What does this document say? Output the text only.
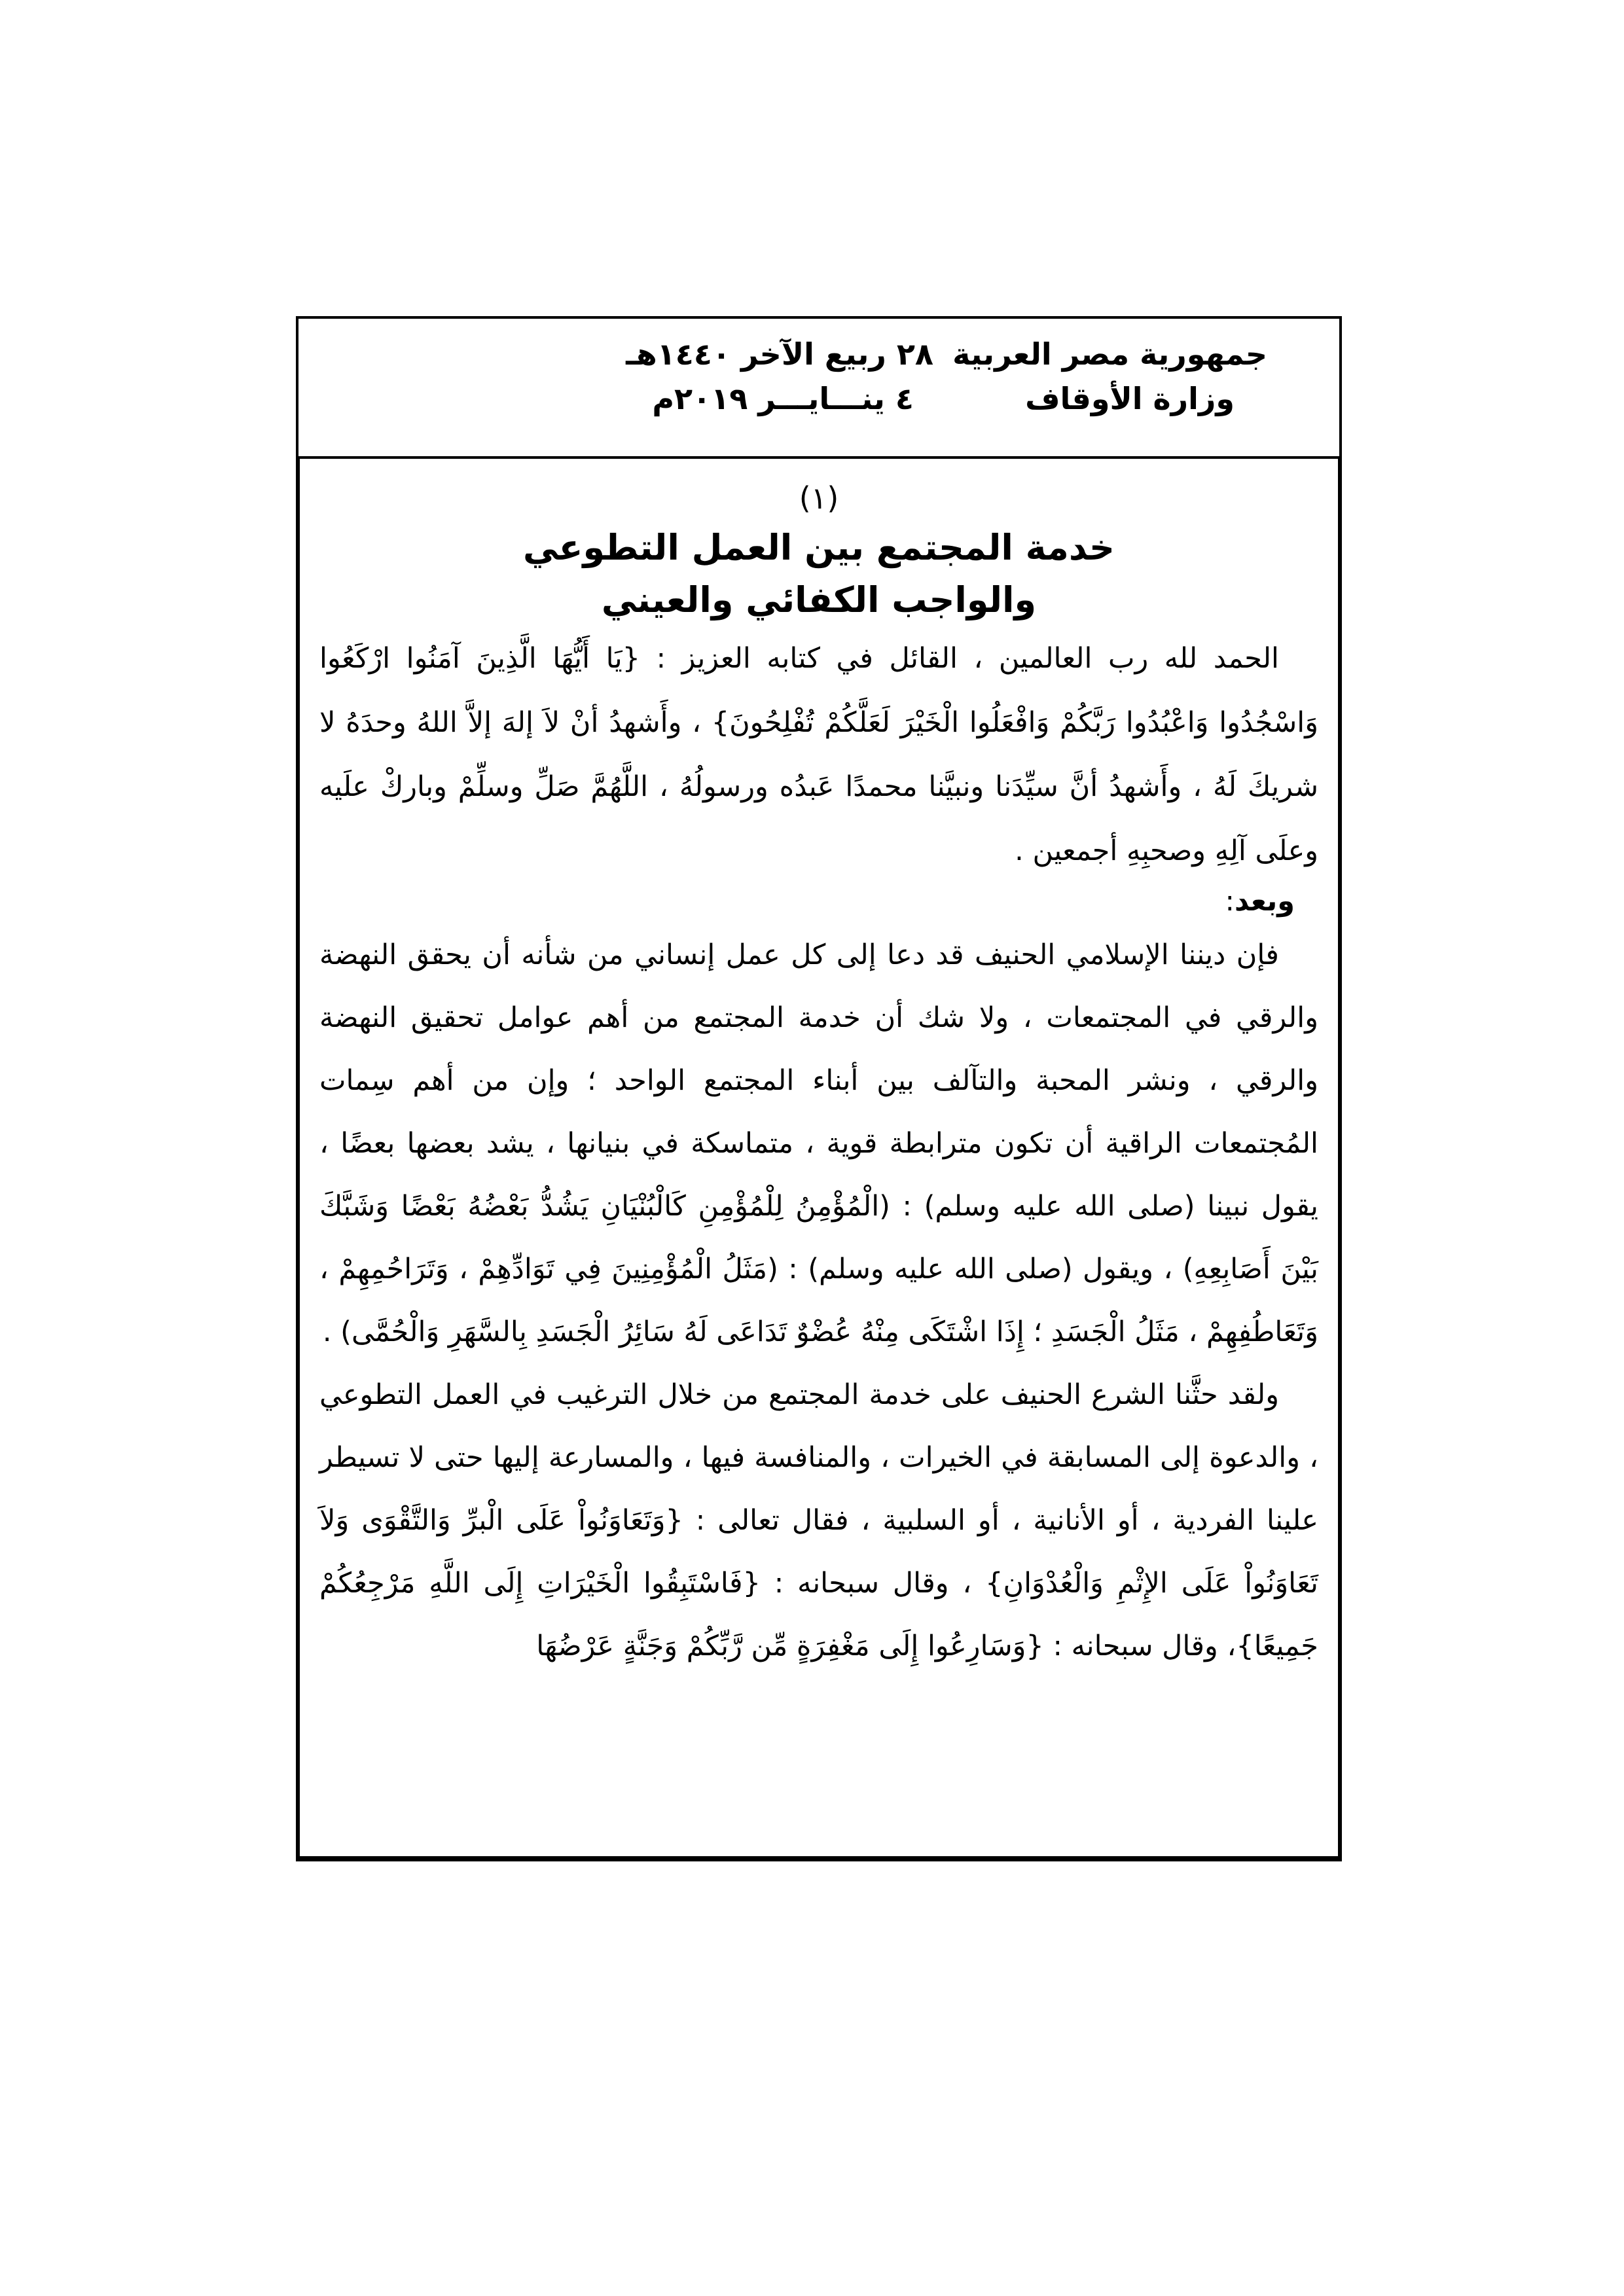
جمهورية مصر العربية
وزارة الأوقاف
٢٨ ربيع الآخر ١٤٤٠هـ
٤ ينـــايـــر ٢٠١٩م
(١)
خدمة المجتمع بين العمل التطوعي
والواجب الكفائي والعيني

الحمد لله رب العالمين ، القائل في كتابه العزيز : {يَا أَيُّهَا الَّذِينَ آمَنُوا ارْكَعُوا وَاسْجُدُوا وَاعْبُدُوا رَبَّكُمْ وَافْعَلُوا الْخَيْرَ لَعَلَّكُمْ تُفْلِحُونَ} ، وأَشهدُ أنْ لاَ إلهَ إلاَّ اللهُ وحدَهُ لا شريكَ لَهُ ، وأَشهدُ أنَّ سيِّدَنا ونبيَّنا محمدًا عَبدُه ورسولُهُ ، اللَّهُمَّ صَلِّ وسلِّمْ وباركْ علَيه وعلَى آلِهِ وصحبِهِ أجمعين .

وبعد:

فإن ديننا الإسلامي الحنيف قد دعا إلى كل عمل إنساني من شأنه أن يحقق النهضة والرقي في المجتمعات ، ولا شك أن خدمة المجتمع من أهم عوامل تحقيق النهضة والرقي ، ونشر المحبة والتآلف بين أبناء المجتمع الواحد ؛ وإن من أهم سِمات المُجتمعات الراقية أن تكون مترابطة قوية ، متماسكة في بنيانها ، يشد بعضها بعضًا ، يقول نبينا (صلى الله عليه وسلم) : (الْمُؤْمِنُ لِلْمُؤْمِنِ كَالْبُنْيَانِ يَشُدُّ بَعْضُهُ بَعْضًا وَشَبَّكَ بَيْنَ أَصَابِعِهِ) ، ويقول (صلى الله عليه وسلم) : (مَثَلُ الْمُؤْمِنِينَ فِي تَوَادِّهِمْ ، وَتَرَاحُمِهِمْ ، وَتَعَاطُفِهِمْ ، مَثَلُ الْجَسَدِ ؛ إِذَا اشْتَكَى مِنْهُ عُضْوٌ تَدَاعَى لَهُ سَائِرُ الْجَسَدِ بِالسَّهَرِ وَالْحُمَّى) .

ولقد حثَّنا الشرع الحنيف على خدمة المجتمع من خلال الترغيب في العمل التطوعي ، والدعوة إلى المسابقة في الخيرات ، والمنافسة فيها ، والمسارعة إليها حتى لا تسيطر علينا الفردية ، أو الأنانية ، أو السلبية ، فقال تعالى : {وَتَعَاوَنُواْ عَلَى الْبرِّ وَالتَّقْوَى وَلاَ تَعَاوَنُواْ عَلَى الإِثْمِ وَالْعُدْوَانِ} ، وقال سبحانه : {فَاسْتَبِقُوا الْخَيْرَاتِ إِلَى اللَّهِ مَرْجِعُكُمْ جَمِيعًا}، وقال سبحانه : {وَسَارِعُوا إِلَى مَغْفِرَةٍ مِّن رَّبِّكُمْ وَجَنَّةٍ عَرْضُهَا
